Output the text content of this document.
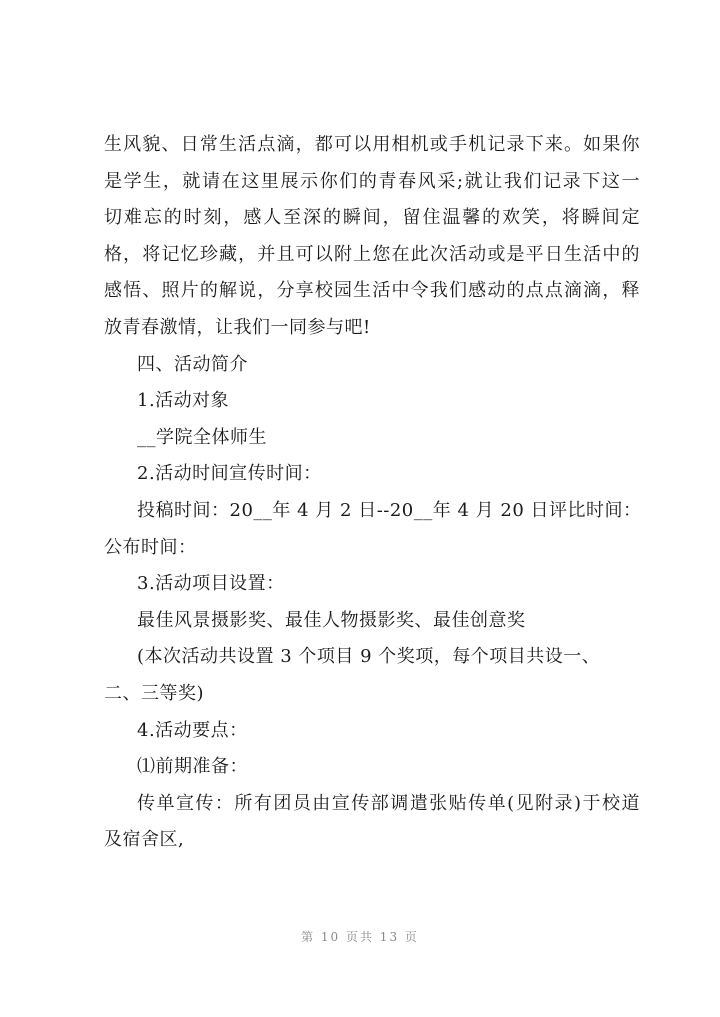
生风貌、日常生活点滴，都可以用相机或手机记录下来。如果你
是学生，就请在这里展示你们的青春风采;就让我们记录下这一
切难忘的时刻，感人至深的瞬间，留住温馨的欢笑，将瞬间定
格，将记忆珍藏，并且可以附上您在此次活动或是平日生活中的
感悟、照片的解说，分享校园生活中令我们感动的点点滴滴，释
放青春激情，让我们一同参与吧!
四、活动简介
1.活动对象
__学院全体师生
2.活动时间宣传时间：
投稿时间：20__年 4 月 2 日--20__年 4 月 20 日评比时间：
公布时间：
3.活动项目设置：
最佳风景摄影奖、最佳人物摄影奖、最佳创意奖
(本次活动共设置 3 个项目 9 个奖项，每个项目共设一、
二、三等奖)
4.活动要点：
⑴前期准备：
传单宣传：所有团员由宣传部调遣张贴传单(见附录)于校道
及宿舍区,
第 10 页共 13 页
